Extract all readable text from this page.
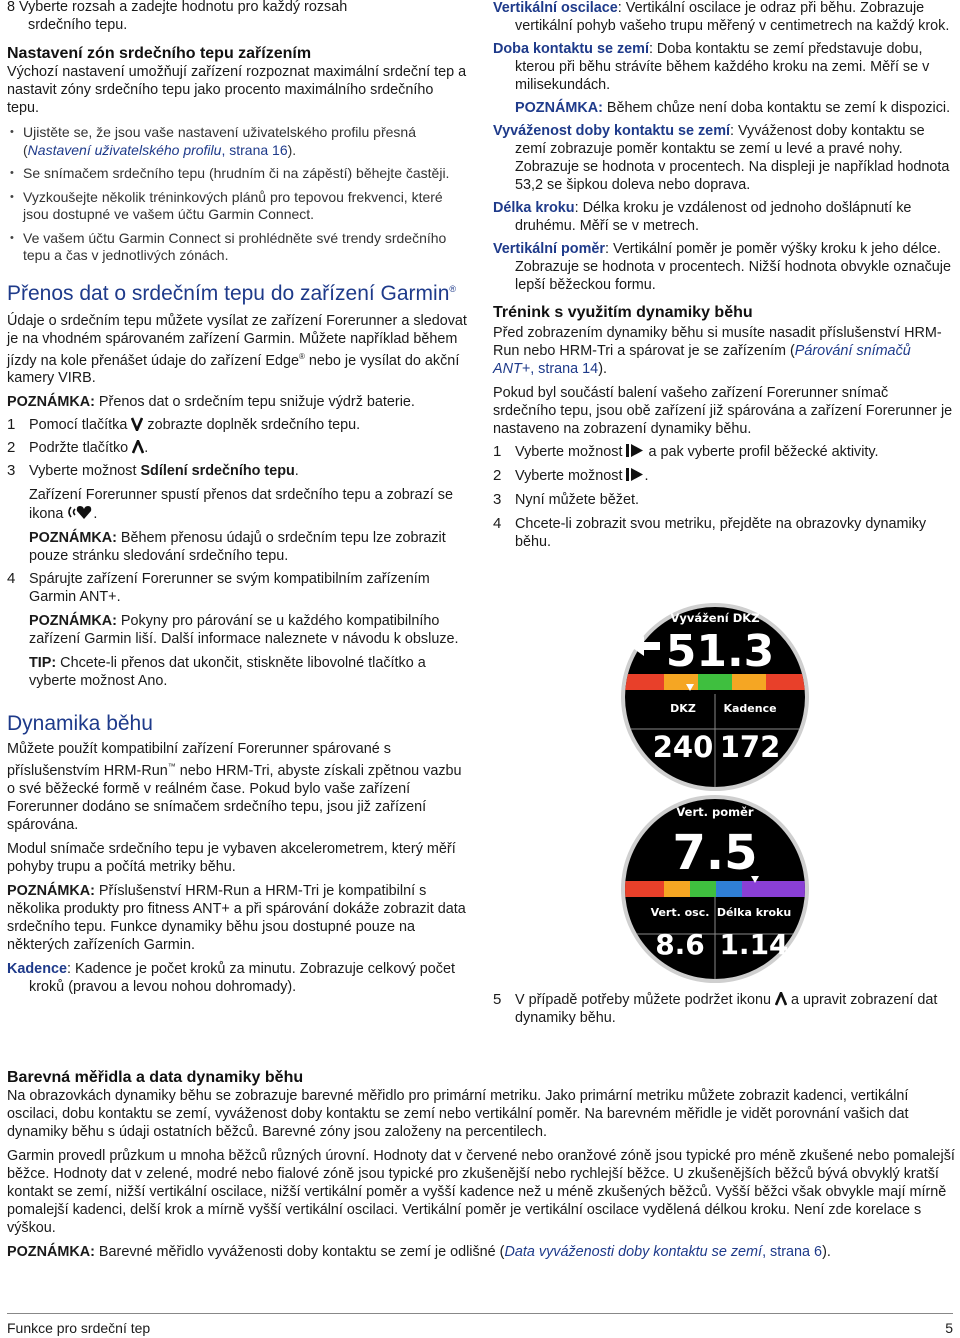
8 Vyberte rozsah a zadejte hodnotu pro každý rozsah
srdečního tepu.

Nastavení zón srdečního tepu zařízením

Výchozí nastavení umožňují zařízení rozpoznat maximální srdeční tep a nastavit zóny srdečního tepu jako procento maximálního srdečního tepu.

• Ujistěte se, že jsou vaše nastavení uživatelského profilu přesná (Nastavení uživatelského profilu, strana 16).

• Se snímačem srdečního tepu (hrudním či na zápěstí) běhejte častěji.

• Vyzkoušejte několik tréninkových plánů pro tepovou frekvenci, které jsou dostupné ve vašem účtu Garmin Connect.

• Ve vašem účtu Garmin Connect si prohlédněte své trendy srdečního tepu a čas v jednotlivých zónách.

Přenos dat o srdečním tepu do zařízení Garmin®

Údaje o srdečním tepu můžete vysílat ze zařízení Forerunner a sledovat je na vhodném spárovaném zařízení Garmin. Můžete například během jízdy na kole přenášet údaje do zařízení Edge® nebo je vysílat do akční kamery VIRB.

POZNÁMKA: Přenos dat o srdečním tepu snižuje výdrž baterie.

1 Pomocí tlačítka  zobrazte doplněk srdečního tepu.

2 Podržte tlačítko .

3 Vyberte možnost Sdílení srdečního tepu.

Zařízení Forerunner spustí přenos dat srdečního tepu a zobrazí se ikona .

POZNÁMKA: Během přenosu údajů o srdečním tepu lze zobrazit pouze stránku sledování srdečního tepu.

4 Spárujte zařízení Forerunner se svým kompatibilním zařízením Garmin ANT+.

POZNÁMKA: Pokyny pro párování se u každého kompatibilního zařízení Garmin liší. Další informace naleznete v návodu k obsluze.

TIP: Chcete-li přenos dat ukončit, stiskněte libovolné tlačítko a vyberte možnost Ano.

Dynamika běhu

Můžete použít kompatibilní zařízení Forerunner spárované s příslušenstvím HRM-Run™ nebo HRM-Tri, abyste získali zpětnou vazbu o své běžecké formě v reálném čase. Pokud bylo vaše zařízení Forerunner dodáno se snímačem srdečního tepu, jsou již zařízení spárována.

Modul snímače srdečního tepu je vybaven akcelerometrem, který měří pohyby trupu a počítá metriky běhu.

POZNÁMKA: Příslušenství HRM-Run a HRM-Tri je kompatibilní s několika produkty pro fitness ANT+ a při spárování dokáže zobrazit data srdečního tepu. Funkce dynamiky běhu jsou dostupné pouze na některých zařízeních Garmin.

Kadence: Kadence je počet kroků za minutu. Zobrazuje celkový počet kroků (pravou a levou nohou dohromady).

Vertikální oscilace: Vertikální oscilace je odraz při běhu. Zobrazuje vertikální pohyb vašeho trupu měřený v centimetrech na každý krok.

Doba kontaktu se zemí: Doba kontaktu se zemí představuje dobu, kterou při běhu strávíte během každého kroku na zemi. Měří se v milisekundách.

POZNÁMKA: Během chůze není doba kontaktu se zemí k dispozici.

Vyváženost doby kontaktu se zemí: Vyváženost doby kontaktu se zemí zobrazuje poměr kontaktu se zemí u levé a pravé nohy. Zobrazuje se hodnota v procentech. Na displeji je například hodnota 53,2 se šipkou doleva nebo doprava.

Délka kroku: Délka kroku je vzdálenost od jednoho došlápnutí ke druhému. Měří se v metrech.

Vertikální poměr: Vertikální poměr je poměr výšky kroku k jeho délce. Zobrazuje se hodnota v procentech. Nižší hodnota obvykle označuje lepší běžeckou formu.

Trénink s využitím dynamiky běhu

Před zobrazením dynamiky běhu si musíte nasadit příslušenství HRM-Run nebo HRM-Tri a spárovat je se zařízením (Párování snímačů ANT+, strana 14).

Pokud byl součástí balení vašeho zařízení Forerunner snímač srdečního tepu, jsou obě zařízení již spárována a zařízení Forerunner je nastaveno na zobrazení dynamiky běhu.

1 Vyberte možnost  a pak vyberte profil běžecké aktivity.

2 Vyberte možnost .

3 Nyní můžete běžet.

4 Chcete-li zobrazit svou metriku, přejděte na obrazovky dynamiky běhu.

5 V případě potřeby můžete podržet ikonu  a upravit zobrazení dat dynamiky běhu.

Vyvážení DKZ
51.3
DKZ	Kadence
240 172
Vert. poměr
7.5
Vert. osc. Délka kroku
8.6 1.14

Barevná měřidla a data dynamiky běhu

Na obrazovkách dynamiky běhu se zobrazuje barevné měřidlo pro primární metriku. Jako primární metriku můžete zobrazit kadenci, vertikální oscilaci, dobu kontaktu se zemí, vyváženost doby kontaktu se zemí nebo vertikální poměr. Na barevném měřidle je vidět porovnání vašich dat dynamiky běhu s údaji ostatních běžců. Barevné zóny jsou založeny na percentilech.

Garmin provedl průzkum u mnoha běžců různých úrovní. Hodnoty dat v červené nebo oranžové zóně jsou typické pro méně zkušené nebo pomalejší běžce. Hodnoty dat v zelené, modré nebo fialové zóně jsou typické pro zkušenější nebo rychlejší běžce. U zkušenějších běžců bývá obvyklý kratší kontakt se zemí, nižší vertikální oscilace, nižší vertikální poměr a vyšší kadence než u méně zkušených běžců. Vyšší běžci však obvykle mají mírně pomalejší kadenci, delší krok a mírně vyšší vertikální oscilaci. Vertikální poměr je vertikální oscilace vydělená délkou kroku. Není zde korelace s výškou.

POZNÁMKA: Barevné měřidlo vyváženosti doby kontaktu se zemí je odlišné (Data vyváženosti doby kontaktu se zemí, strana 6).

Funkce pro srdeční tep	5
